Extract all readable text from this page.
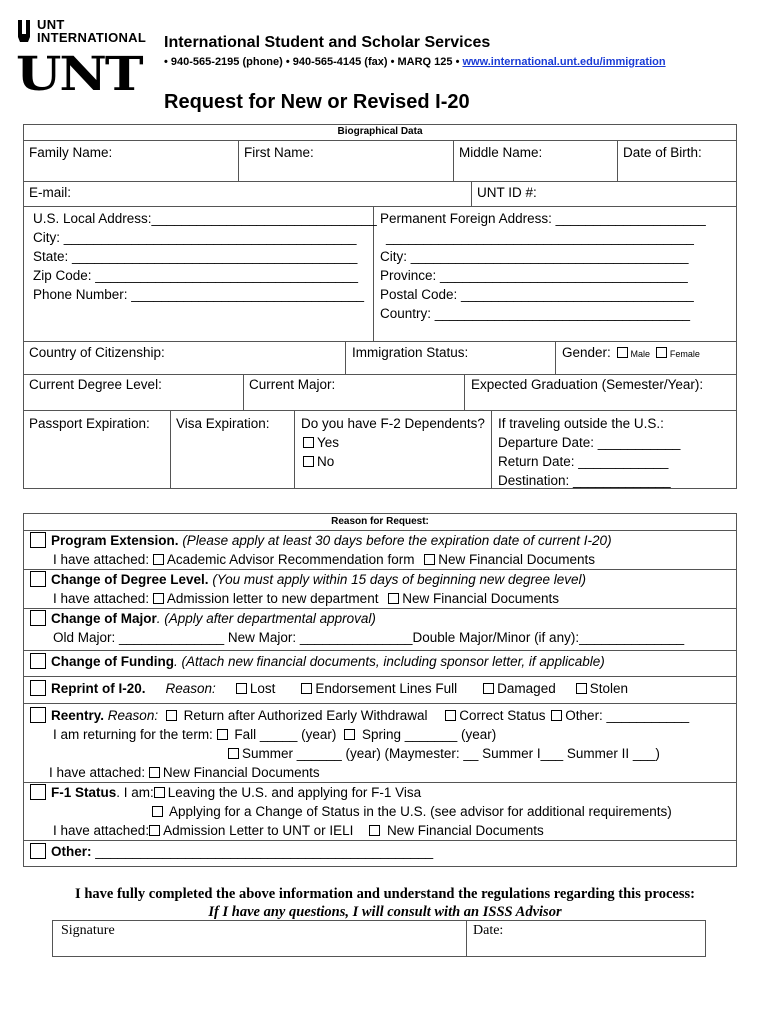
UNT
INTERNATIONAL
UNT
International Student and Scholar Services
• 940-565-2195 (phone) • 940-565-4145 (fax) • MARQ 125 • www.international.unt.edu/immigration
Request for New or Revised I-20
Biographical Data
Family Name:	First Name:	Middle Name:	Date of Birth:
E-mail:	UNT ID #:
U.S. Local Address:______________________________
City: _______________________________________
State: ______________________________________
Zip Code: ___________________________________
Phone Number: _______________________________
Permanent Foreign Address: ____________________
_________________________________________
City: _____________________________________
Province: _________________________________
Postal Code: _______________________________
Country: __________________________________
Country of Citizenship:	Immigration Status:	Gender: Male Female
Current Degree Level:	Current Major:	Expected Graduation (Semester/Year):
Passport Expiration: Visa Expiration: Do you have F-2 Dependents?
Yes
No
If traveling outside the U.S.:
Departure Date: ___________
Return Date: ____________
Destination: _____________
Reason for Request:
Program Extension. (Please apply at least 30 days before the expiration date of current I-20)
I have attached: Academic Advisor Recommendation form New Financial Documents
Change of Degree Level. (You must apply within 15 days of beginning new degree level)
I have attached: Admission letter to new department New Financial Documents
Change of Major. (Apply after departmental approval)
Old Major: ______________ New Major: _______________Double Major/Minor (if any):______________
Change of Funding. (Attach new financial documents, including sponsor letter, if applicable)
Reprint of I-20. Reason:	Lost	Endorsement Lines Full	Damaged	Stolen
Reentry. Reason: Return after Authorized Early Withdrawal Correct Status Other: ___________
I am returning for the term: Fall _____ (year) Spring _______ (year)
Summer ______ (year) (Maymester: __ Summer I___ Summer II ___)
I have attached: New Financial Documents
F-1 Status. I am: Leaving the U.S. and applying for F-1 Visa
Applying for a Change of Status in the U.S. (see advisor for additional requirements)
I have attached: Admission Letter to UNT or IELI New Financial Documents
Other: _____________________________________________
I have fully completed the above information and understand the regulations regarding this process:
If I have any questions, I will consult with an ISSS Advisor
Signature	Date:
